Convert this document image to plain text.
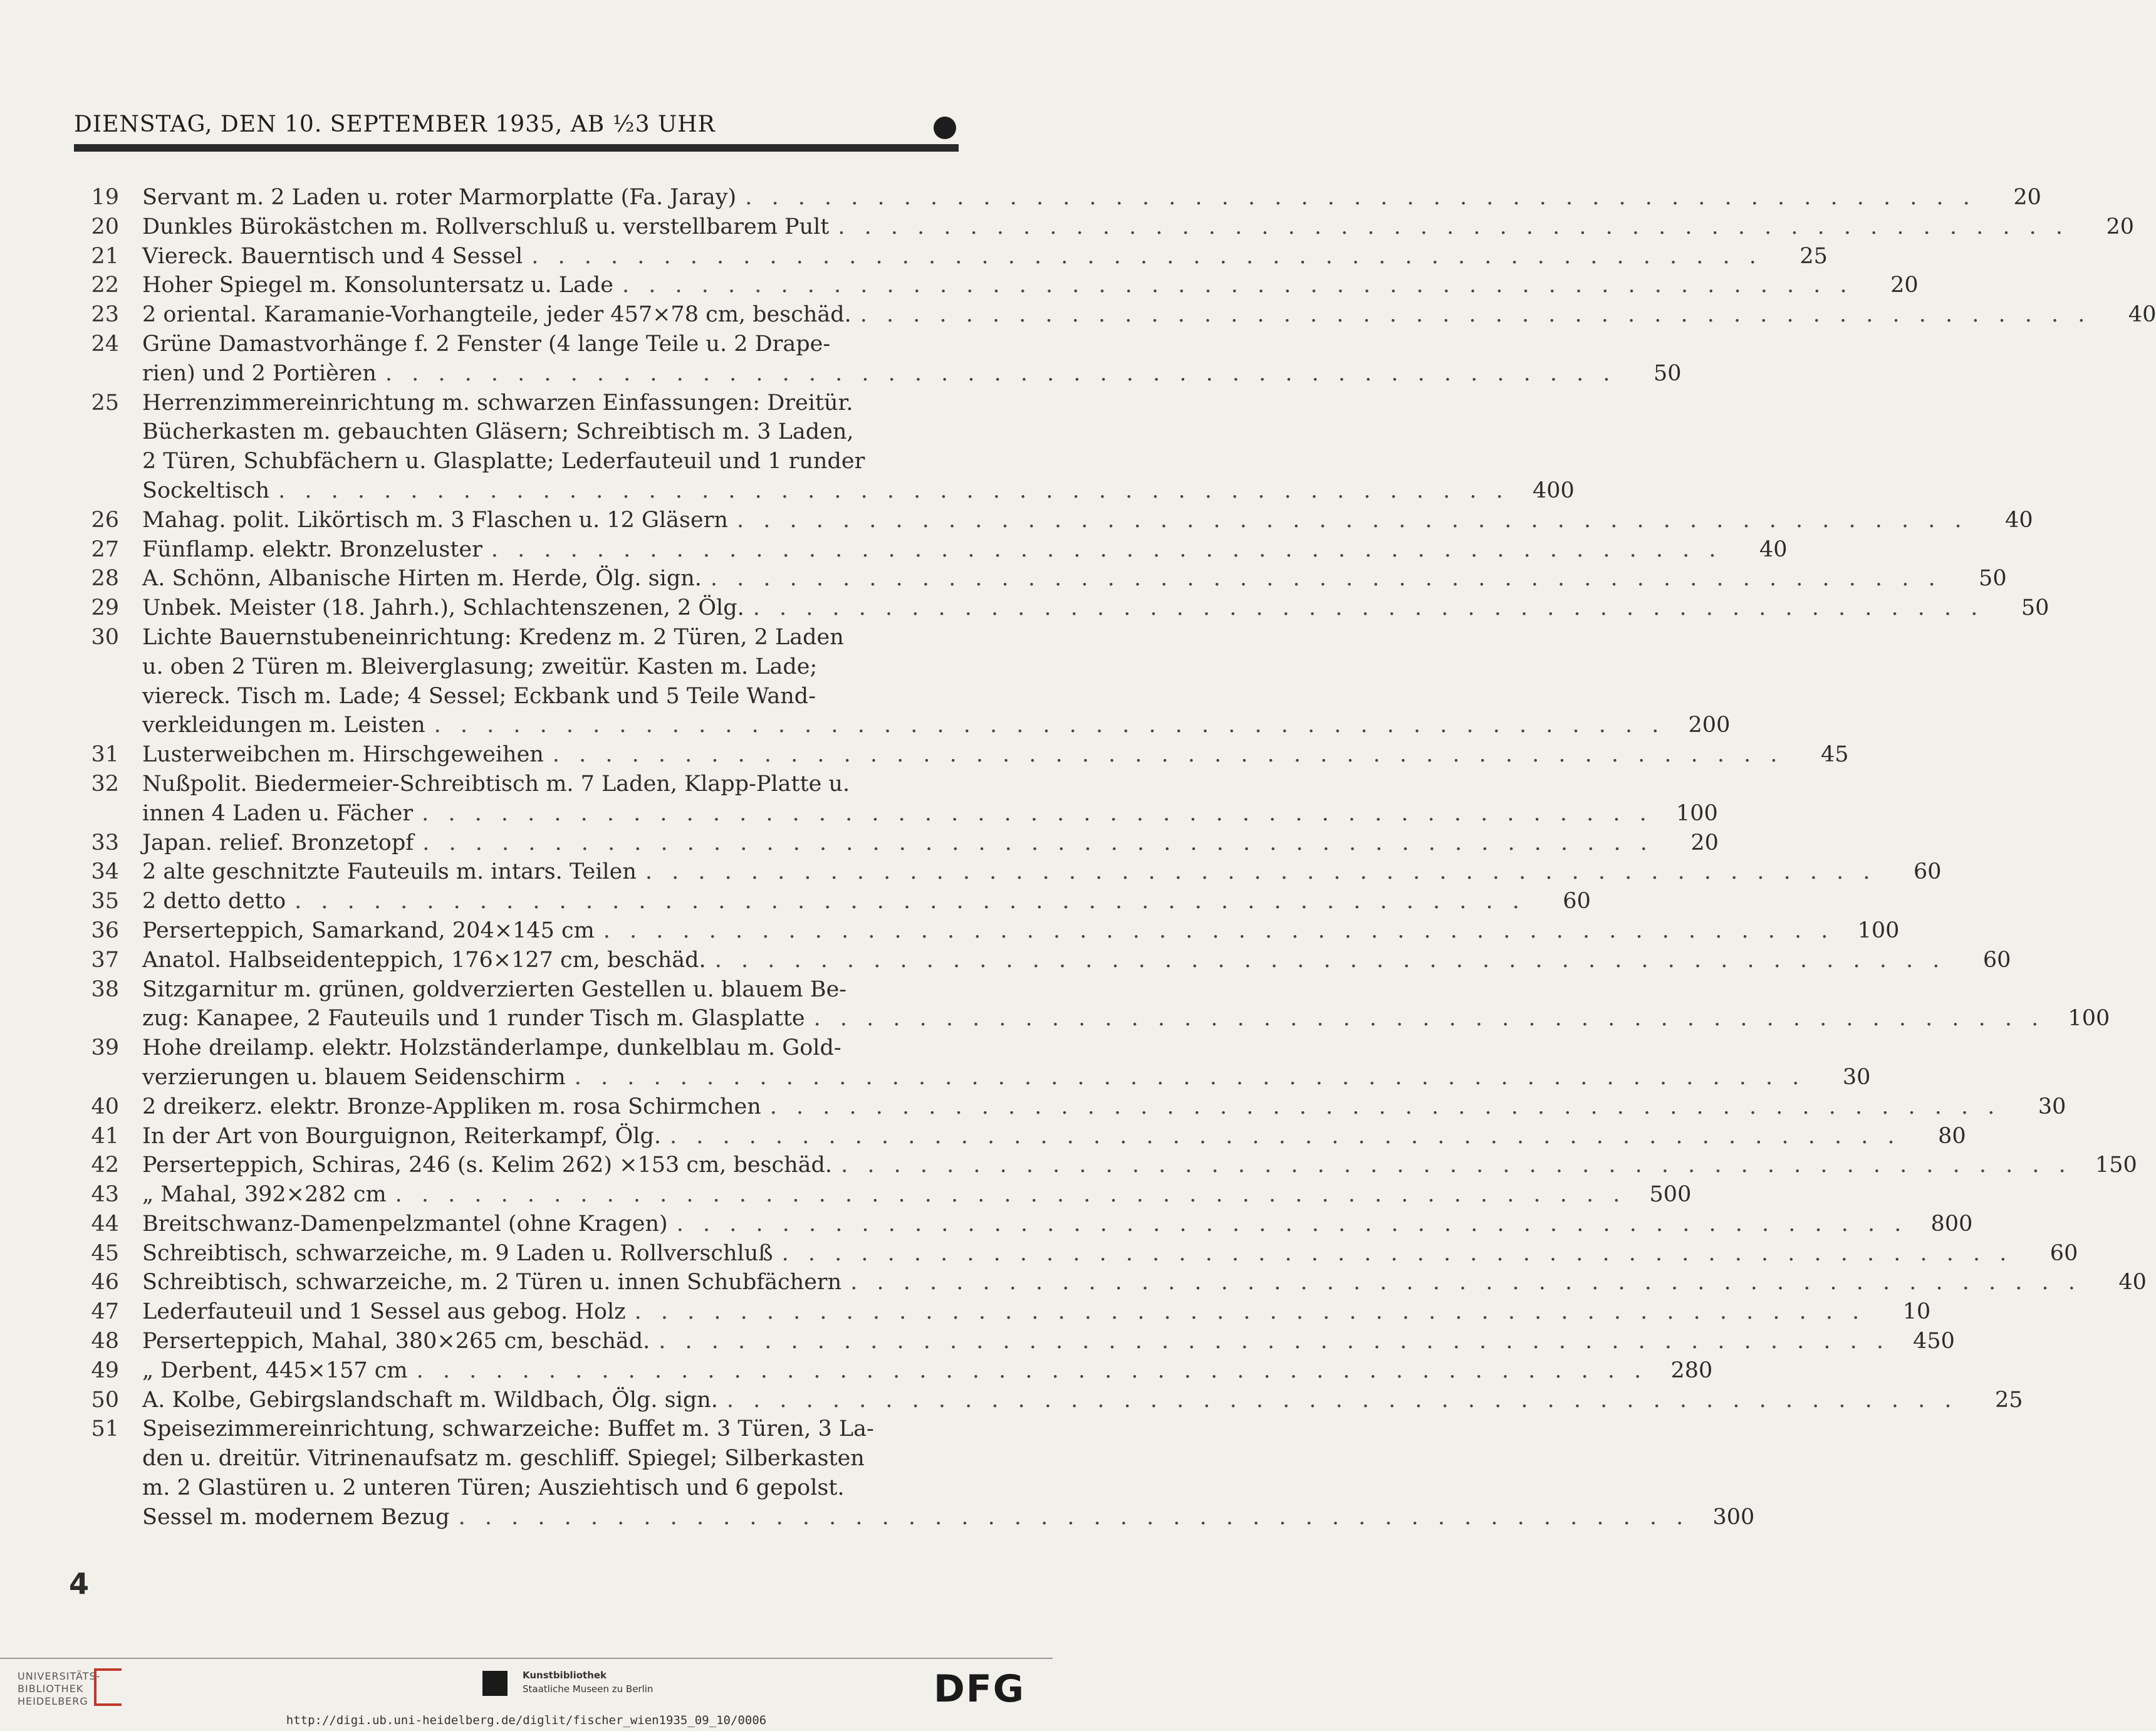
DIENSTAG, DEN 10. SEPTEMBER 1935, AB ½3 UHR
19 Servant m. 2 Laden u. roter Marmorplatte (Fa. Jaray) . . .	20
20 Dunkles Bürokästchen m. Rollverschluß u. verstellbarem Pult . . .	20
21 Viereck. Bauerntisch und 4 Sessel . . .	25
22 Hoher Spiegel m. Konsoluntersatz u. Lade . . .	20
23 2 oriental. Karamanie-Vorhangteile, jeder 457×78 cm, beschäd. . . .	40
24 Grüne Damastvorhänge f. 2 Fenster (4 lange Teile u. 2 Drape-
rien) und 2 Portièren . . .	50
25 Herrenzimmereinrichtung m. schwarzen Einfassungen: Dreitür.
Bücherkasten m. gebauchten Gläsern; Schreibtisch m. 3 Laden,
2 Türen, Schubfächern u. Glasplatte; Lederfauteuil und 1 runder
Sockeltisch . . .	400
26 Mahag. polit. Likörtisch m. 3 Flaschen u. 12 Gläsern . . .	40
27 Fünflamp. elektr. Bronzeluster . . .	40
28 A. Schönn, Albanische Hirten m. Herde, Ölg. sign. . . .	50
29 Unbek. Meister (18. Jahrh.), Schlachtenszenen, 2 Ölg. . . .	50
30 Lichte Bauernstubeneinrichtung: Kredenz m. 2 Türen, 2 Laden
u. oben 2 Türen m. Bleiverglasung; zweitür. Kasten m. Lade;
viereck. Tisch m. Lade; 4 Sessel; Eckbank und 5 Teile Wand-
verkleidungen m. Leisten . . .	200
31 Lusterweibchen m. Hirschgeweihen . . .	45
32 Nußpolit. Biedermeier-Schreibtisch m. 7 Laden, Klapp-Platte u.
innen 4 Laden u. Fächer . . .	100
33 Japan. relief. Bronzetopf . . .	20
34 2 alte geschnitzte Fauteuils m. intars. Teilen . . .	60
35 2 detto detto . . .	60
36 Perserteppich, Samarkand, 204×145 cm . . .	100
37 Anatol. Halbseidenteppich, 176×127 cm, beschäd. . . .	60
38 Sitzgarnitur m. grünen, goldverzierten Gestellen u. blauem Be-
zug: Kanapee, 2 Fauteuils und 1 runder Tisch m. Glasplatte . . .	100
39 Hohe dreilamp. elektr. Holzständerlampe, dunkelblau m. Gold-
verzierungen u. blauem Seidenschirm . . .	30
40 2 dreikerz. elektr. Bronze-Appliken m. rosa Schirmchen . . .	30
41 In der Art von Bourguignon, Reiterkampf, Ölg. . . .	80
42 Perserteppich, Schiras, 246 (s. Kelim 262) ×153 cm, beschäd. . . .	150
43 „ Mahal, 392×282 cm . . .	500
44 Breitschwanz-Damenpelzmantel (ohne Kragen) . . .	800
45 Schreibtisch, schwarzeiche, m. 9 Laden u. Rollverschluß . . .	60
46 Schreibtisch, schwarzeiche, m. 2 Türen u. innen Schubfächern . . .	40
47 Lederfauteuil und 1 Sessel aus gebog. Holz . . .	10
48 Perserteppich, Mahal, 380×265 cm, beschäd. . . .	450
49 „ Derbent, 445×157 cm . . .	280
50 A. Kolbe, Gebirgslandschaft m. Wildbach, Ölg. sign. . . .	25
51 Speisezimmereinrichtung, schwarzeiche: Buffet m. 3 Türen, 3 La-
den u. dreitür. Vitrinenaufsatz m. geschliff. Spiegel; Silberkasten
m. 2 Glastüren u. 2 unteren Türen; Ausziehtisch und 6 gepolst.
Sessel m. modernem Bezug . . .	300
4
UNIVERSITÄTS-
BIBLIOTHEK
HEIDELBERG
Kunstbibliothek
Staatliche Museen zu Berlin	DFG
http://digi.ub.uni-heidelberg.de/diglit/fischer_wien1935_09_10/0006
